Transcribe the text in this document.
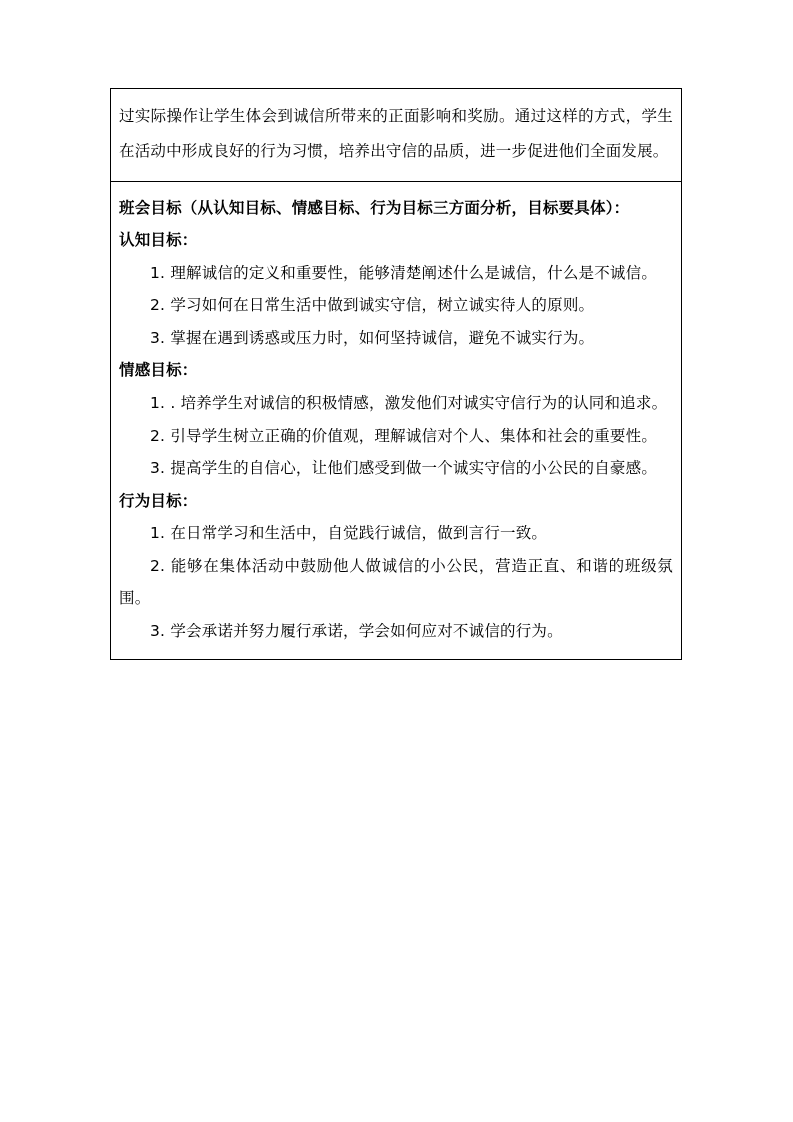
过实际操作让学生体会到诚信所带来的正面影响和奖励。通过这样的方式，学生在活动中形成良好的行为习惯，培养出守信的品质，进一步促进他们全面发展。

班会目标（从认知目标、情感目标、行为目标三方面分析，目标要具体）：

认知目标：

1. 理解诚信的定义和重要性，能够清楚阐述什么是诚信，什么是不诚信。

2. 学习如何在日常生活中做到诚实守信，树立诚实待人的原则。

3. 掌握在遇到诱惑或压力时，如何坚持诚信，避免不诚实行为。

情感目标：

1. . 培养学生对诚信的积极情感，激发他们对诚实守信行为的认同和追求。

2. 引导学生树立正确的价值观，理解诚信对个人、集体和社会的重要性。

3. 提高学生的自信心，让他们感受到做一个诚实守信的小公民的自豪感。

行为目标：

1. 在日常学习和生活中，自觉践行诚信，做到言行一致。

2. 能够在集体活动中鼓励他人做诚信的小公民，营造正直、和谐的班级氛围。

3. 学会承诺并努力履行承诺，学会如何应对不诚信的行为。
